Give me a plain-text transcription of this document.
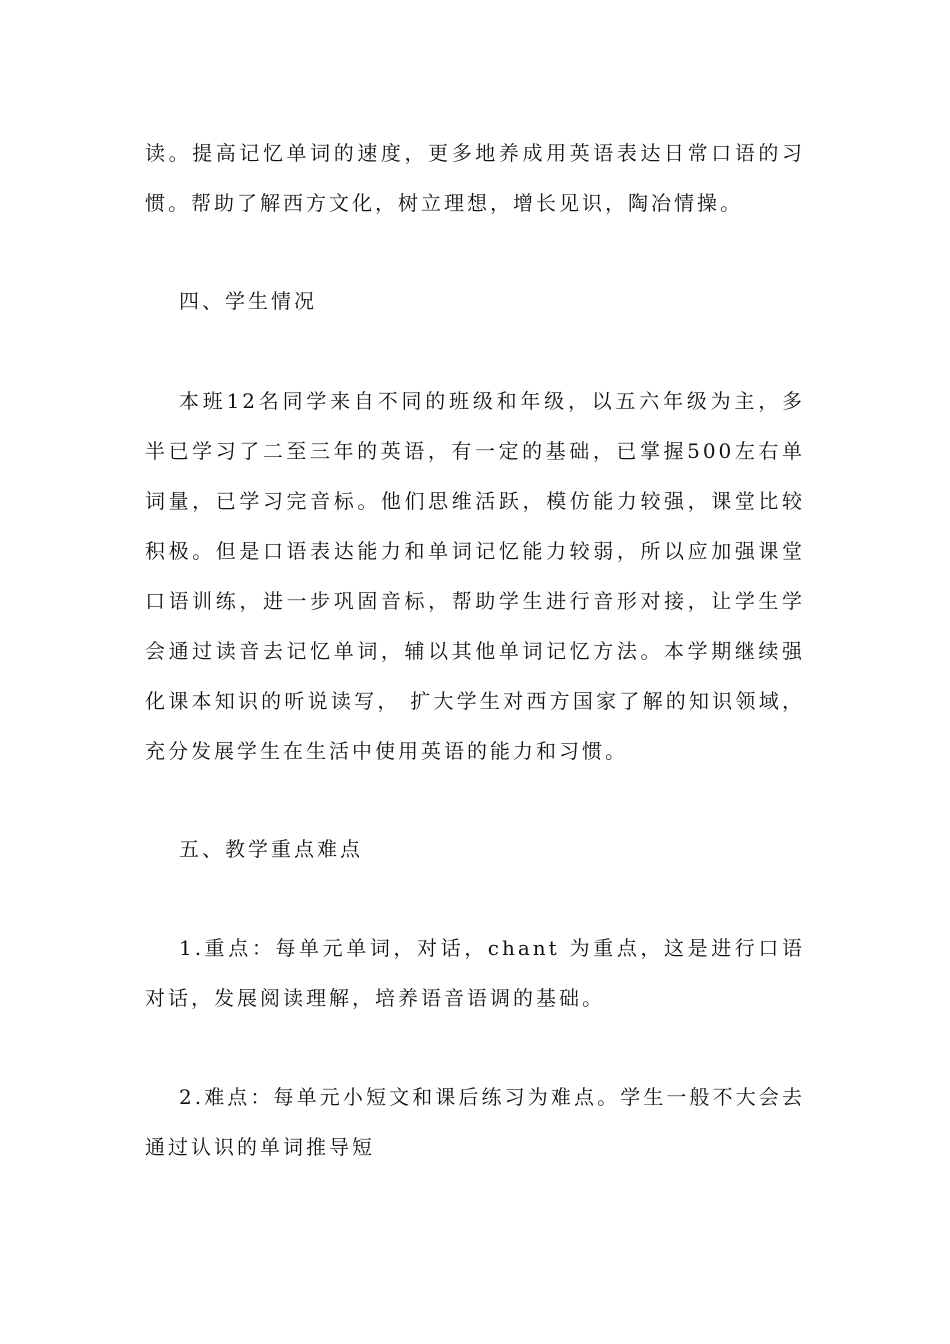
读。提高记忆单词的速度，更多地养成用英语表达日常口语的习惯。帮助了解西方文化，树立理想，增长见识，陶冶情操。

四、学生情况

本班12名同学来自不同的班级和年级，以五六年级为主，多半已学习了二至三年的英语，有一定的基础，已掌握500左右单词量，已学习完音标。他们思维活跃，模仿能力较强，课堂比较积极。但是口语表达能力和单词记忆能力较弱，所以应加强课堂口语训练，进一步巩固音标，帮助学生进行音形对接，让学生学会通过读音去记忆单词，辅以其他单词记忆方法。本学期继续强化课本知识的听说读写， 扩大学生对西方国家了解的知识领域，充分发展学生在生活中使用英语的能力和习惯。

五、教学重点难点

1.重点：每单元单词，对话，chant 为重点，这是进行口语对话，发展阅读理解，培养语音语调的基础。

2.难点：每单元小短文和课后练习为难点。学生一般不大会去通过认识的单词推导短
